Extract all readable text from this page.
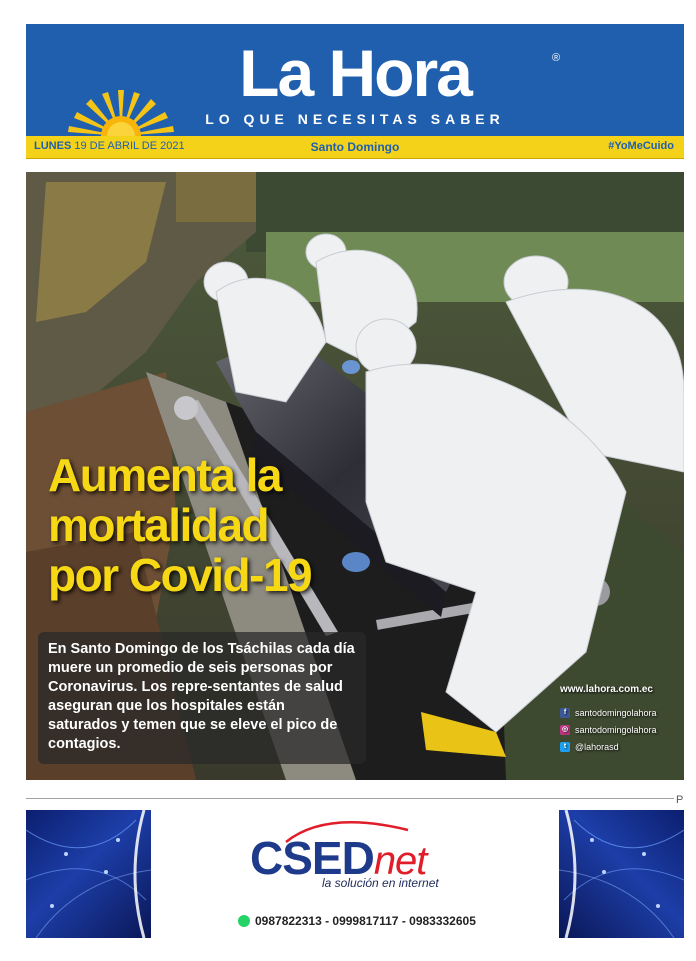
La Hora	®
LO QUE NECESITAS SABER
LUNES 19 DE ABRIL DE 2021	Santo Domingo	#YoMeCuido
Aumenta la
mortalidad
por Covid-19
En Santo Domingo de los Tsáchilas cada día muere un promedio de seis personas por Coronavirus. Los repre-sentantes de salud aseguran que los hospitales están saturados y temen que se eleve el pico de contagios.
www.lahora.com.ec
f santodomingolahora
◎ santodomingolahora
t @lahorasd
P
CSEDnet
la solución en internet
0987822313 - 0999817117 - 0983332605
